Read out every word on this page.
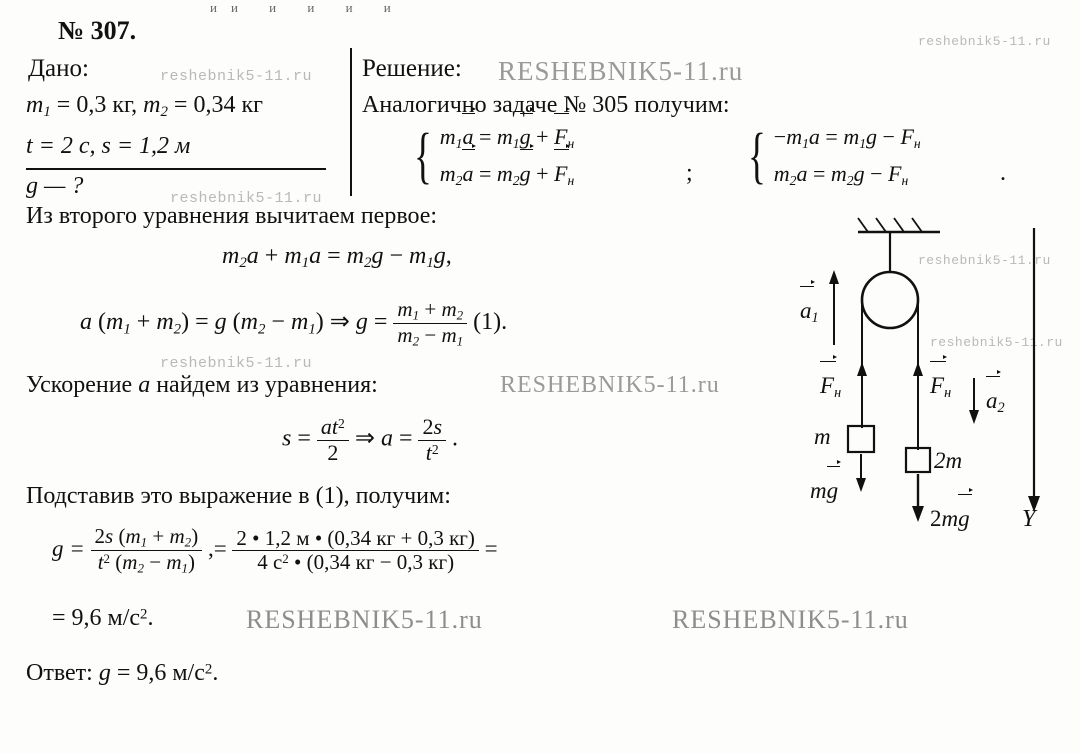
ии и и и и
reshebnik5-11.ru
reshebnik5-11.ru
reshebnik5-11.ru
reshebnik5-11.ru
reshebnik5-11.ru
reshebnik5-11.ru
RESHEBNIK5-11.ru
RESHEBNIK5-11.ru
RESHEBNIK5-11.ru	RESHEBNIK5-11.ru
№ 307.
Дано:
$m_1 = 0,3$ кг, $m_2 = 0,34$ кг
t = 2 с, s = 1,2 м
g — ?
Решение:
Аналогично задаче № 305 получим:
{ $m_1a = m_1g + F_н$
$m_2a = m_2g + F_н$	; { $-m_1a = m_1g - F_н$
$m_2a = m_2g - F_н$	.
Из второго уравнения вычитаем первое:
$m_2a + m_1a = m_2g - m_1g$,
a $(m_1 + m_2) = g$ $(m_2 - m_1)$ ⇒ $g = \frac{m_1 + m_2}{m_2 - m_1} (1)$.
Ускорение a найдем из уравнения:
$s = \frac{at^2}{2}$ ⇒ $a = \frac{2s}{t^2}$ .
Подставив это выражение в (1), получим:
$g = \frac{2s (m_1 + m_2)}{t^2 (m_2 - m_1)}$ ,= $\frac{2 • 1,2 м • (0,34 кг + 0,3 кг)}{4 с^2 • (0,34 кг - 0,3 кг)}$ =
= 9,6 $м/с^2$.
Ответ: g = 9,6 $м/с^2$.
$a_1$
$F_н$	$F_н$ $a_2$
m
2m
mg
2mg Y
